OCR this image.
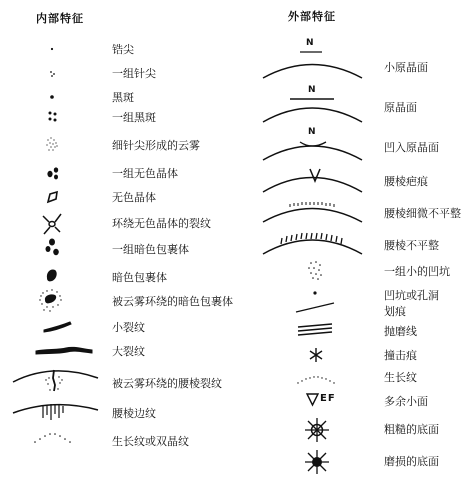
内部特征	外部特征
锆尖
一组针尖
黑斑
一组黑斑
细针尖形成的云雾
一组无色晶体
无色晶体
环绕无色晶体的裂纹
一组暗色包裹体
暗色包裹体
被云雾环绕的暗色包裹体
小裂纹
大裂纹
被云雾环绕的腰棱裂纹
腰棱边纹
生长纹或双晶纹
小原晶面
原晶面
凹入原晶面
腰棱疤痕
腰棱细微不平整
腰棱不平整
一组小的凹坑
凹坑或孔洞
划痕
抛磨线
撞击痕
生长纹
多余小面
粗糙的底面
磨损的底面
N
N
N
EF
